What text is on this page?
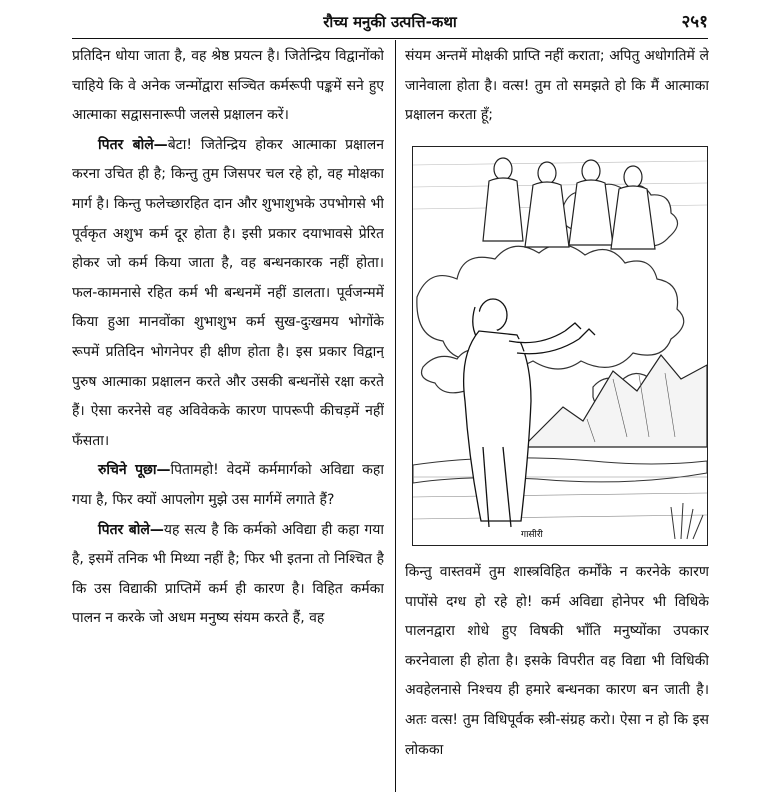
रौच्य मनुकी उत्पत्ति-कथा	२५१

प्रतिदिन धोया जाता है, वह श्रेष्ठ प्रयत्न है। जितेन्द्रिय विद्वानोंको चाहिये कि वे अनेक जन्मोंद्वारा सञ्चित कर्मरूपी पङ्कमें सने हुए आत्माका सद्वासनारूपी जलसे प्रक्षालन करें।

पितर बोले—बेटा! जितेन्द्रिय होकर आत्माका प्रक्षालन करना उचित ही है; किन्तु तुम जिसपर चल रहे हो, वह मोक्षका मार्ग है। किन्तु फलेच्छारहित दान और शुभाशुभके उपभोगसे भी पूर्वकृत अशुभ कर्म दूर होता है। इसी प्रकार दयाभावसे प्रेरित होकर जो कर्म किया जाता है, वह बन्धनकारक नहीं होता। फल-कामनासे रहित कर्म भी बन्धनमें नहीं डालता। पूर्वजन्ममें किया हुआ मानवोंका शुभाशुभ कर्म सुख-दुःखमय भोगोंके रूपमें प्रतिदिन भोगनेपर ही क्षीण होता है। इस प्रकार विद्वान् पुरुष आत्माका प्रक्षालन करते और उसकी बन्धनोंसे रक्षा करते हैं। ऐसा करनेसे वह अविवेकके कारण पापरूपी कीचड़में नहीं फँसता।

रुचिने पूछा—पितामहो! वेदमें कर्ममार्गको अविद्या कहा गया है, फिर क्यों आपलोग मुझे उस मार्गमें लगाते हैं?

पितर बोले—यह सत्य है कि कर्मको अविद्या ही कहा गया है, इसमें तनिक भी मिथ्या नहीं है; फिर भी इतना तो निश्चित है कि उस विद्याकी प्राप्तिमें कर्म ही कारण है। विहित कर्मका पालन न करके जो अधम मनुष्य संयम करते हैं, वह

संयम अन्तमें मोक्षकी प्राप्ति नहीं कराता; अपितु अधोगतिमें ले जानेवाला होता है। वत्स! तुम तो समझते हो कि मैं आत्माका प्रक्षालन करता हूँ;

गासीरी

किन्तु वास्तवमें तुम शास्त्रविहित कर्मोंके न करनेके कारण पापोंसे दग्ध हो रहे हो! कर्म अविद्या होनेपर भी विधिके पालनद्वारा शोधे हुए विषकी भाँति मनुष्योंका उपकार करनेवाला ही होता है। इसके विपरीत वह विद्या भी विधिकी अवहेलनासे निश्चय ही हमारे बन्धनका कारण बन जाती है। अतः वत्स! तुम विधिपूर्वक स्त्री-संग्रह करो। ऐसा न हो कि इस लोकका
